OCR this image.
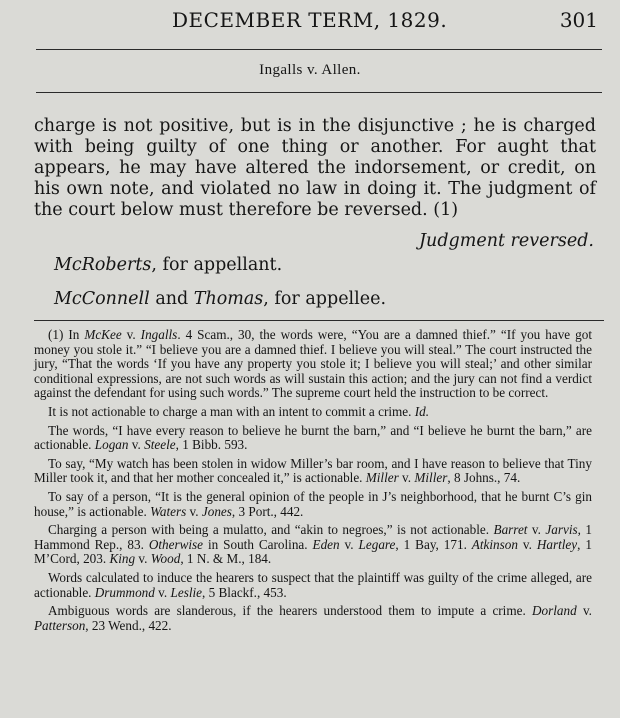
DECEMBER TERM, 1829.	301
Ingalls v. Allen.

charge is not positive, but is in the disjunctive ; he is charged with being guilty of one thing or another. For aught that appears, he may have altered the indorsement, or credit, on his own note, and violated no law in doing it. The judgment of the court below must therefore be reversed. (1)

Judgment reversed.
McRoberts, for appellant.
McConnell and Thomas, for appellee.

(1) In McKee v. Ingalls. 4 Scam., 30, the words were, “You are a damned thief.” “If you have got money you stole it.” “I believe you are a damned thief. I believe you will steal.” The court instructed the jury, “That the words ‘If you have any property you stole it; I believe you will steal;’ and other similar conditional expressions, are not such words as will sustain this action; and the jury can not find a verdict against the defendant for using such words.” The supreme court held the instruction to be correct.

It is not actionable to charge a man with an intent to commit a crime. Id.

The words, “I have every reason to believe he burnt the barn,” and “I believe he burnt the barn,” are actionable. Logan v. Steele, 1 Bibb. 593.

To say, “My watch has been stolen in widow Miller’s bar room, and I have reason to believe that Tiny Miller took it, and that her mother concealed it,” is actionable. Miller v. Miller, 8 Johns., 74.

To say of a person, “It is the general opinion of the people in J’s neighborhood, that he burnt C’s gin house,” is actionable. Waters v. Jones, 3 Port., 442.

Charging a person with being a mulatto, and “akin to negroes,” is not actionable. Barret v. Jarvis, 1 Hammond Rep., 83. Otherwise in South Carolina. Eden v. Legare, 1 Bay, 171. Atkinson v. Hartley, 1 M’Cord, 203. King v. Wood, 1 N. & M., 184.

Words calculated to induce the hearers to suspect that the plaintiff was guilty of the crime alleged, are actionable. Drummond v. Leslie, 5 Blackf., 453.

Ambiguous words are slanderous, if the hearers understood them to impute a crime. Dorland v. Patterson, 23 Wend., 422.
